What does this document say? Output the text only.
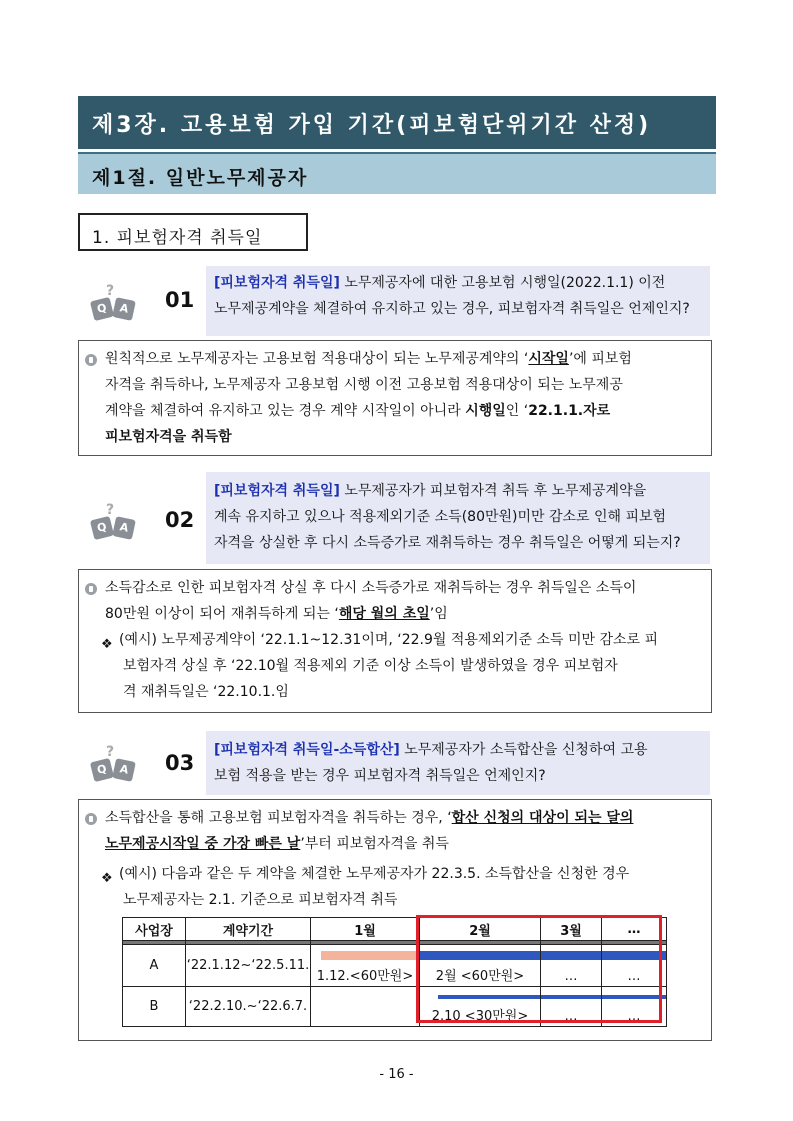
제3장. 고용보험 가입 기간(피보험단위기간 산정)
제1절. 일반노무제공자
1. 피보험자격 취득일
?
Q A 01
[피보험자격 취득일] 노무제공자에 대한 고용보험 시행일(2022.1.1) 이전
노무제공계약을 체결하여 유지하고 있는 경우, 피보험자격 취득일은 언제인지?
원칙적으로 노무제공자는 고용보험 적용대상이 되는 노무제공계약의 ‘시작일’에 피보험
자격을 취득하나, 노무제공자 고용보험 시행 이전 고용보험 적용대상이 되는 노무제공
계약을 체결하여 유지하고 있는 경우 계약 시작일이 아니라 시행일인 ‘22.1.1.자로
피보험자격을 취득함
?
Q A 02
[피보험자격 취득일] 노무제공자가 피보험자격 취득 후 노무제공계약을
계속 유지하고 있으나 적용제외기준 소득(80만원)미만 감소로 인해 피보험
자격을 상실한 후 다시 소득증가로 재취득하는 경우 취득일은 어떻게 되는지?
소득감소로 인한 피보험자격 상실 후 다시 소득증가로 재취득하는 경우 취득일은 소득이
80만원 이상이 되어 재취득하게 되는 ‘해당 월의 초일’임
❖ (예시) 노무제공계약이 ‘22.1.1~12.31이며, ‘22.9월 적용제외기준 소득 미만 감소로 피
보험자격 상실 후 ‘22.10월 적용제외 기준 이상 소득이 발생하였을 경우 피보험자
격 재취득일은 ‘22.10.1.임
?
Q A 03
[피보험자격 취득일-소득합산] 노무제공자가 소득합산을 신청하여 고용
보험 적용을 받는 경우 피보험자격 취득일은 언제인지?
소득합산을 통해 고용보험 피보험자격을 취득하는 경우, ‘합산 신청의 대상이 되는 달의
노무제공시작일 중 가장 빠른 날’부터 피보험자격을 취득
❖ (예시) 다음과 같은 두 계약을 체결한 노무제공자가 22.3.5. 소득합산을 신청한 경우
노무제공자는 2.1. 기준으로 피보험자격 취득
사업장	계약기간	1월	2월	3월	…

A	‘22.1.12~‘22.5.11.	1.12.<60만원>	2월 <60만원>	…	…

B	‘22.2.10.~‘22.6.7.		2.10 <30만원>	…	…
- 16 -
